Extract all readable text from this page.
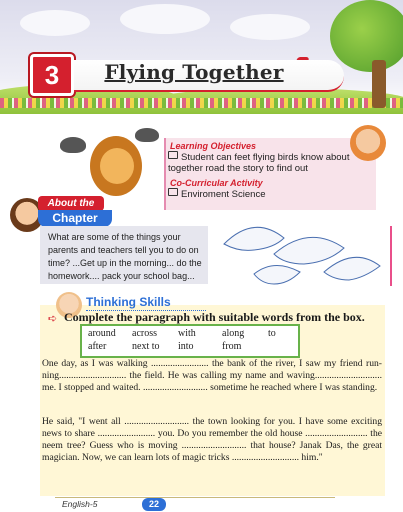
3	Flying Together
Learning Objectives
Student can feet flying birds know about together road the story to find out
Co-Curricular Activity
Enviroment Science
About the
Chapter
What are some of the things your parents and teachers tell you to do on time? ...Get up in the morning... do the homework.... pack your school bag...
Thinking Skills
➪ Complete the paragraph with suitable words from the box.
around across with	along to
after	next to into	from
One day, as I was walking ........................ the bank of the river, I saw my friend run-ning............................ the field. He was calling my name and waving............................ me. I stopped and waited. ........................... sometime he reached where I was standing.
He said, "I went all ........................... the town looking for you. I have some exciting news to share ........................ you. Do you remember the old house .......................... the neem tree? Guess who is moving ........................... that house? Janak Das, the great magician. Now, we can learn lots of magic tricks ............................ him."
English-5	22
